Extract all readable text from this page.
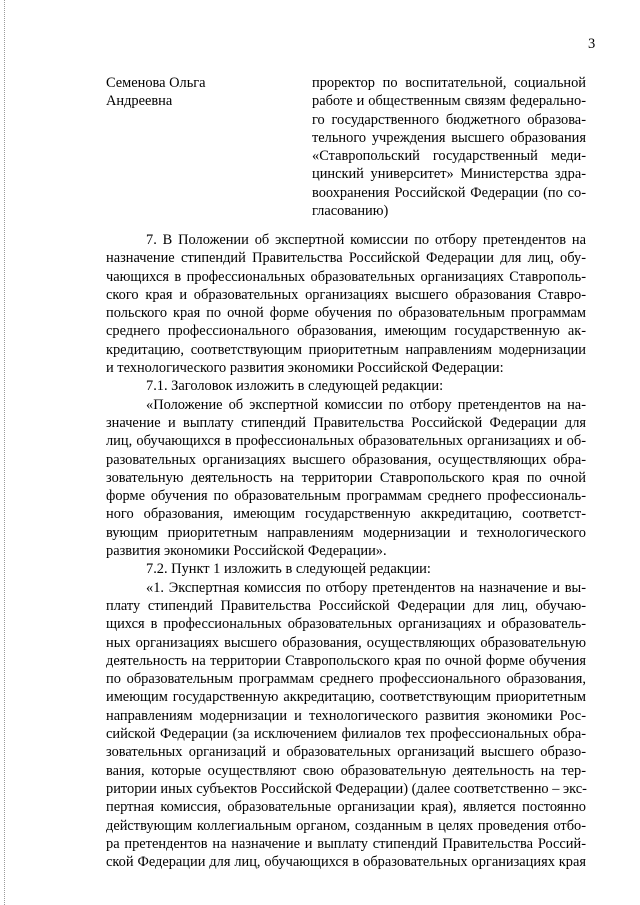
3
Семенова Ольга
Андреевна
проректор по воспитательной, социальной
работе и общественным связям федерально-
го государственного бюджетного образова-
тельного учреждения высшего образования
«Ставропольский государственный меди-
цинский университет» Министерства здра-
воохранения Российской Федерации (по со-
гласованию)
7. В Положении об экспертной комиссии по отбору претендентов на
назначение стипендий Правительства Российской Федерации для лиц, обу-
чающихся в профессиональных образовательных организациях Ставрополь-
ского края и образовательных организациях высшего образования Ставро-
польского края по очной форме обучения по образовательным программам
среднего профессионального образования, имеющим государственную ак-
кредитацию, соответствующим приоритетным направлениям модернизации
и технологического развития экономики Российской Федерации:
7.1. Заголовок изложить в следующей редакции:
«Положение об экспертной комиссии по отбору претендентов на на-
значение и выплату стипендий Правительства Российской Федерации для
лиц, обучающихся в профессиональных образовательных организациях и об-
разовательных организациях высшего образования, осуществляющих обра-
зовательную деятельность на территории Ставропольского края по очной
форме обучения по образовательным программам среднего профессиональ-
ного образования, имеющим государственную аккредитацию, соответст-
вующим приоритетным направлениям модернизации и технологического
развития экономики Российской Федерации».
7.2. Пункт 1 изложить в следующей редакции:
«1. Экспертная комиссия по отбору претендентов на назначение и вы-
плату стипендий Правительства Российской Федерации для лиц, обучаю-
щихся в профессиональных образовательных организациях и образователь-
ных организациях высшего образования, осуществляющих образовательную
деятельность на территории Ставропольского края по очной форме обучения
по образовательным программам среднего профессионального образования,
имеющим государственную аккредитацию, соответствующим приоритетным
направлениям модернизации и технологического развития экономики Рос-
сийской Федерации (за исключением филиалов тех профессиональных обра-
зовательных организаций и образовательных организаций высшего образо-
вания, которые осуществляют свою образовательную деятельность на тер-
ритории иных субъектов Российской Федерации) (далее соответственно – экс-
пертная комиссия, образовательные организации края), является постоянно
действующим коллегиальным органом, созданным в целях проведения отбо-
ра претендентов на назначение и выплату стипендий Правительства Россий-
ской Федерации для лиц, обучающихся в образовательных организациях края
